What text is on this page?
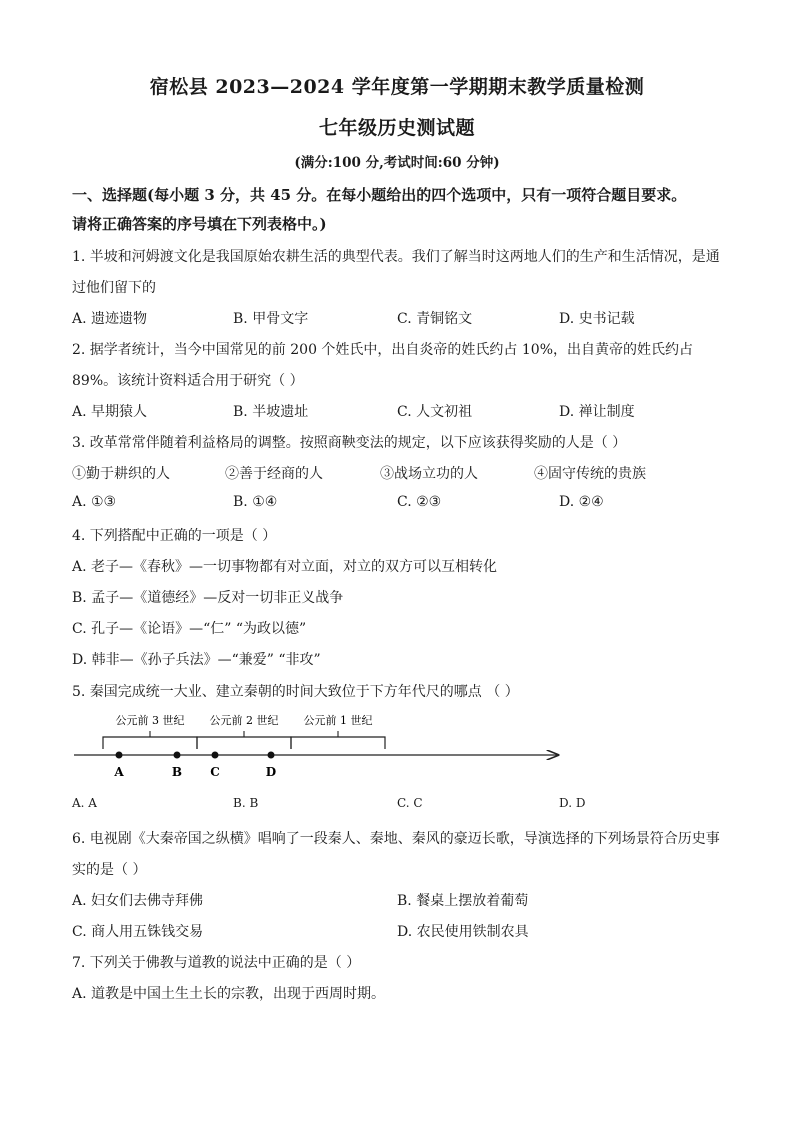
宿松县 2023—2024 学年度第一学期期末教学质量检测
七年级历史测试题
(满分:100 分,考试时间:60 分钟)
一、选择题(每小题 3 分，共 45 分。在每小题给出的四个选项中，只有一项符合题目要求。
请将正确答案的序号填在下列表格中。)
1. 半坡和河姆渡文化是我国原始农耕生活的典型代表。我们了解当时这两地人们的生产和生活情况，是通
过他们留下的
A. 遗迹遗物	B. 甲骨文字	C. 青铜铭文	D. 史书记载
2. 据学者统计，当今中国常见的前 200 个姓氏中，出自炎帝的姓氏约占 10%，出自黄帝的姓氏约占
89%。该统计资料适合用于研究（ ）
A. 早期猿人	B. 半坡遗址	C. 人文初祖	D. 禅让制度
3. 改革常常伴随着利益格局的调整。按照商鞅变法的规定，以下应该获得奖励的人是（ ）
①勤于耕织的人	②善于经商的人	③战场立功的人	④固守传统的贵族
A. ①③	B. ①④	C. ②③	D. ②④
4. 下列搭配中正确的一项是（ ）
A. 老子—《春秋》—一切事物都有对立面，对立的双方可以互相转化
B. 孟子—《道德经》—反对一切非正义战争
C. 孔子—《论语》—“仁” “为政以德”
D. 韩非—《孙子兵法》—“兼爱” “非攻”
5. 秦国完成统一大业、建立秦朝的时间大致位于下方年代尺的哪点 （ ）
公元前 3 世纪 公元前 2 世纪 公元前 1 世纪
A	B C	D
A. A	B. B	C. C	D. D
6. 电视剧《大秦帝国之纵横》唱响了一段秦人、秦地、秦风的豪迈长歌，导演选择的下列场景符合历史事
实的是（ ）
A. 妇女们去佛寺拜佛	B. 餐桌上摆放着葡萄
C. 商人用五铢钱交易	D. 农民使用铁制农具
7. 下列关于佛教与道教的说法中正确的是（ ）
A. 道教是中国土生土长的宗教，出现于西周时期。
